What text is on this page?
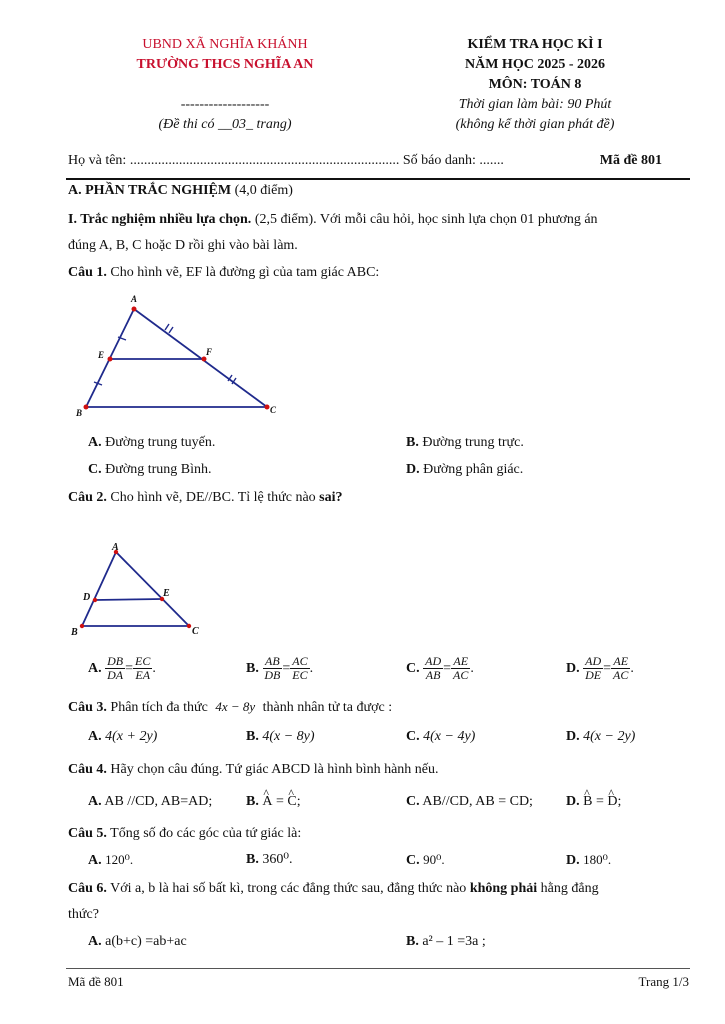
UBND XÃ NGHĨA KHÁNH
TRƯỜNG THCS NGHĨA AN
-------------------
(Đề thi có __03_ trang)
KIỂM TRA HỌC KÌ I
NĂM HỌC 2025 - 2026
MÔN: TOÁN 8
Thời gian làm bài: 90 Phút
(không kể thời gian phát đề)
Họ và tên: ............................................................................. Số báo danh: .......	Mã đề 801
A. PHẦN TRẮC NGHIỆM (4,0 điểm)
I. Trắc nghiệm nhiều lựa chọn. (2,5 điểm). Với mỗi câu hỏi, học sinh lựa chọn 01 phương án
đúng A, B, C hoặc D rồi ghi vào bài làm.
Câu 1. Cho hình vẽ, EF là đường gì của tam giác ABC:
A
B	C
E	F
A. Đường trung tuyến.	B. Đường trung trực.
C. Đường trung Bình.	D. Đường phân giác.
Câu 2. Cho hình vẽ, DE//BC. Tỉ lệ thức nào sai?
A
B	C
D	E
A. $\frac{DB}{DA} = \frac{EC}{EA}$ .	B. $\frac{AB}{DB} = \frac{AC}{EC}$ .	C. $\frac{AD}{AB} = \frac{AE}{AC}$ .	D. $\frac{AD}{DE} = \frac{AE}{AC}$ .
Câu 3. Phân tích đa thức 4x − 8y thành nhân tử ta được :
A. 4(x + 2y)	B. 4(x − 8y)	C. 4(x − 4y)	D. 4(x − 2y)
Câu 4. Hãy chọn câu đúng. Tứ giác ABCD là hình bình hành nếu.
A. AB //CD, AB=AD; B. ^ A = ^ C;	C. AB//CD, AB = CD; D. ^ B = ^ D;
Câu 5. Tổng số đo các góc của tứ giác là:
A. 120⁰.	B. 360⁰.	C. 90⁰.	D. 180⁰.
Câu 6. Với a, b là hai số bất kì, trong các đẳng thức sau, đẳng thức nào không phải hằng đẳng
thức?
A. a(b+c) =ab+ac	B. a² – 1 =3a ;
Mã đề 801	Trang 1/3
